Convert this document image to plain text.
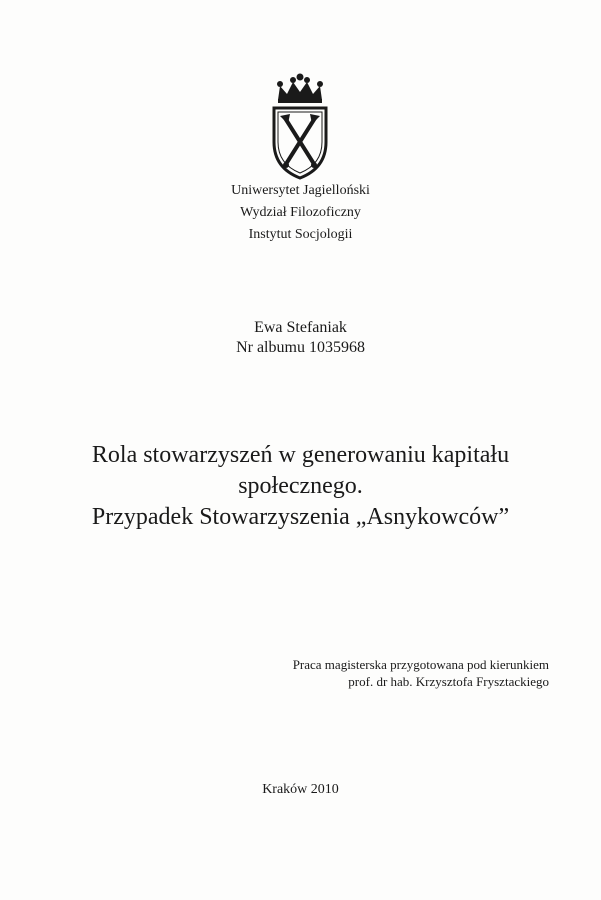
Uniwersytet Jagielloński
Wydział Filozoficzny
Instytut Socjologii
Ewa Stefaniak
Nr albumu 1035968
Rola stowarzyszeń w generowaniu kapitału
społecznego.
Przypadek Stowarzyszenia „Asnykowców”
Praca magisterska przygotowana pod kierunkiem
prof. dr hab. Krzysztofa Frysztackiego
Kraków 2010
